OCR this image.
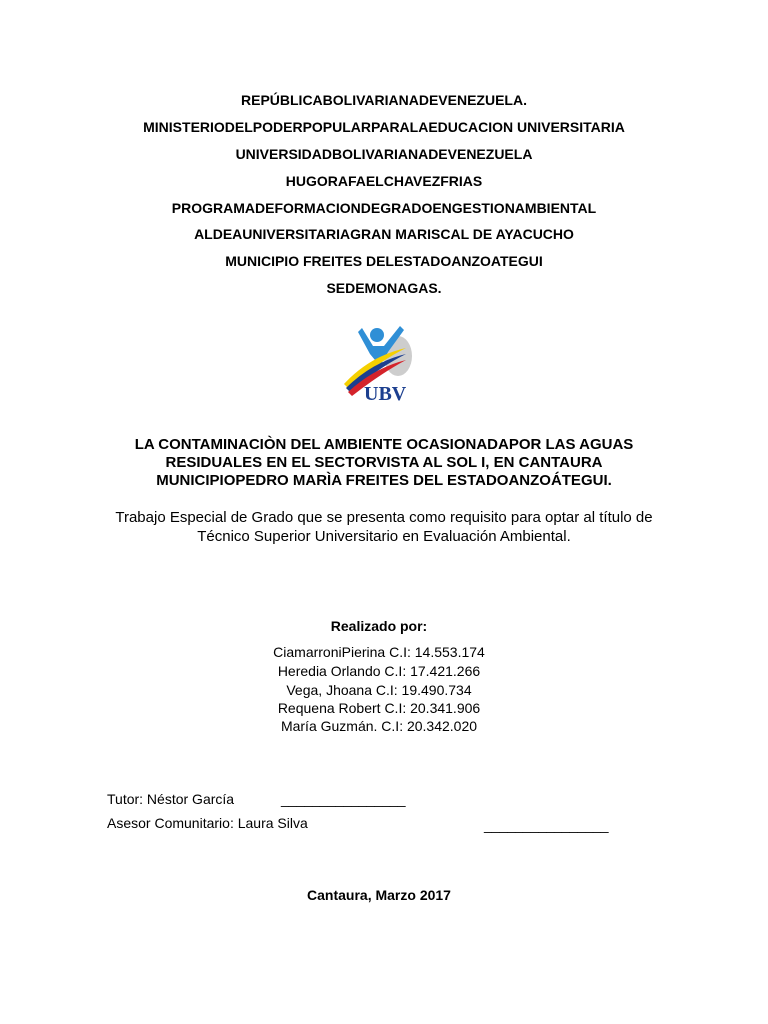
REPÚBLICABOLIVARIANADEVENEZUELA.
MINISTERIODELPODERPOPULARPARALAEDUCACION UNIVERSITARIA
UNIVERSIDADBOLIVARIANADEVENEZUELA
HUGORAFAELCHAVEZFRIAS
PROGRAMADEFORMACIONDEGRADOENGESTIONAMBIENTAL
ALDEAUNIVERSITARIAGRAN MARISCAL DE AYACUCHO
MUNICIPIO FREITES DELESTADOANZOATEGUI
SEDEMONAGAS.
UBV
LA CONTAMINACIÒN DEL AMBIENTE OCASIONADAPOR LAS AGUAS
RESIDUALES EN EL SECTORVISTA AL SOL I, EN CANTAURA
MUNICIPIOPEDRO MARÌA FREITES DEL ESTADOANZOÁTEGUI.
Trabajo Especial de Grado que se presenta como requisito para optar al título de
Técnico Superior Universitario en Evaluación Ambiental.
Realizado por:
CiamarroniPierina C.I: 14.553.174
Heredia Orlando C.I: 17.421.266
Vega, Jhoana C.I: 19.490.734
Requena Robert C.I: 20.341.906
María Guzmán. C.I: 20.342.020
Tutor: Néstor García	________________
Asesor Comunitario: Laura Silva	________________
Cantaura, Marzo 2017
